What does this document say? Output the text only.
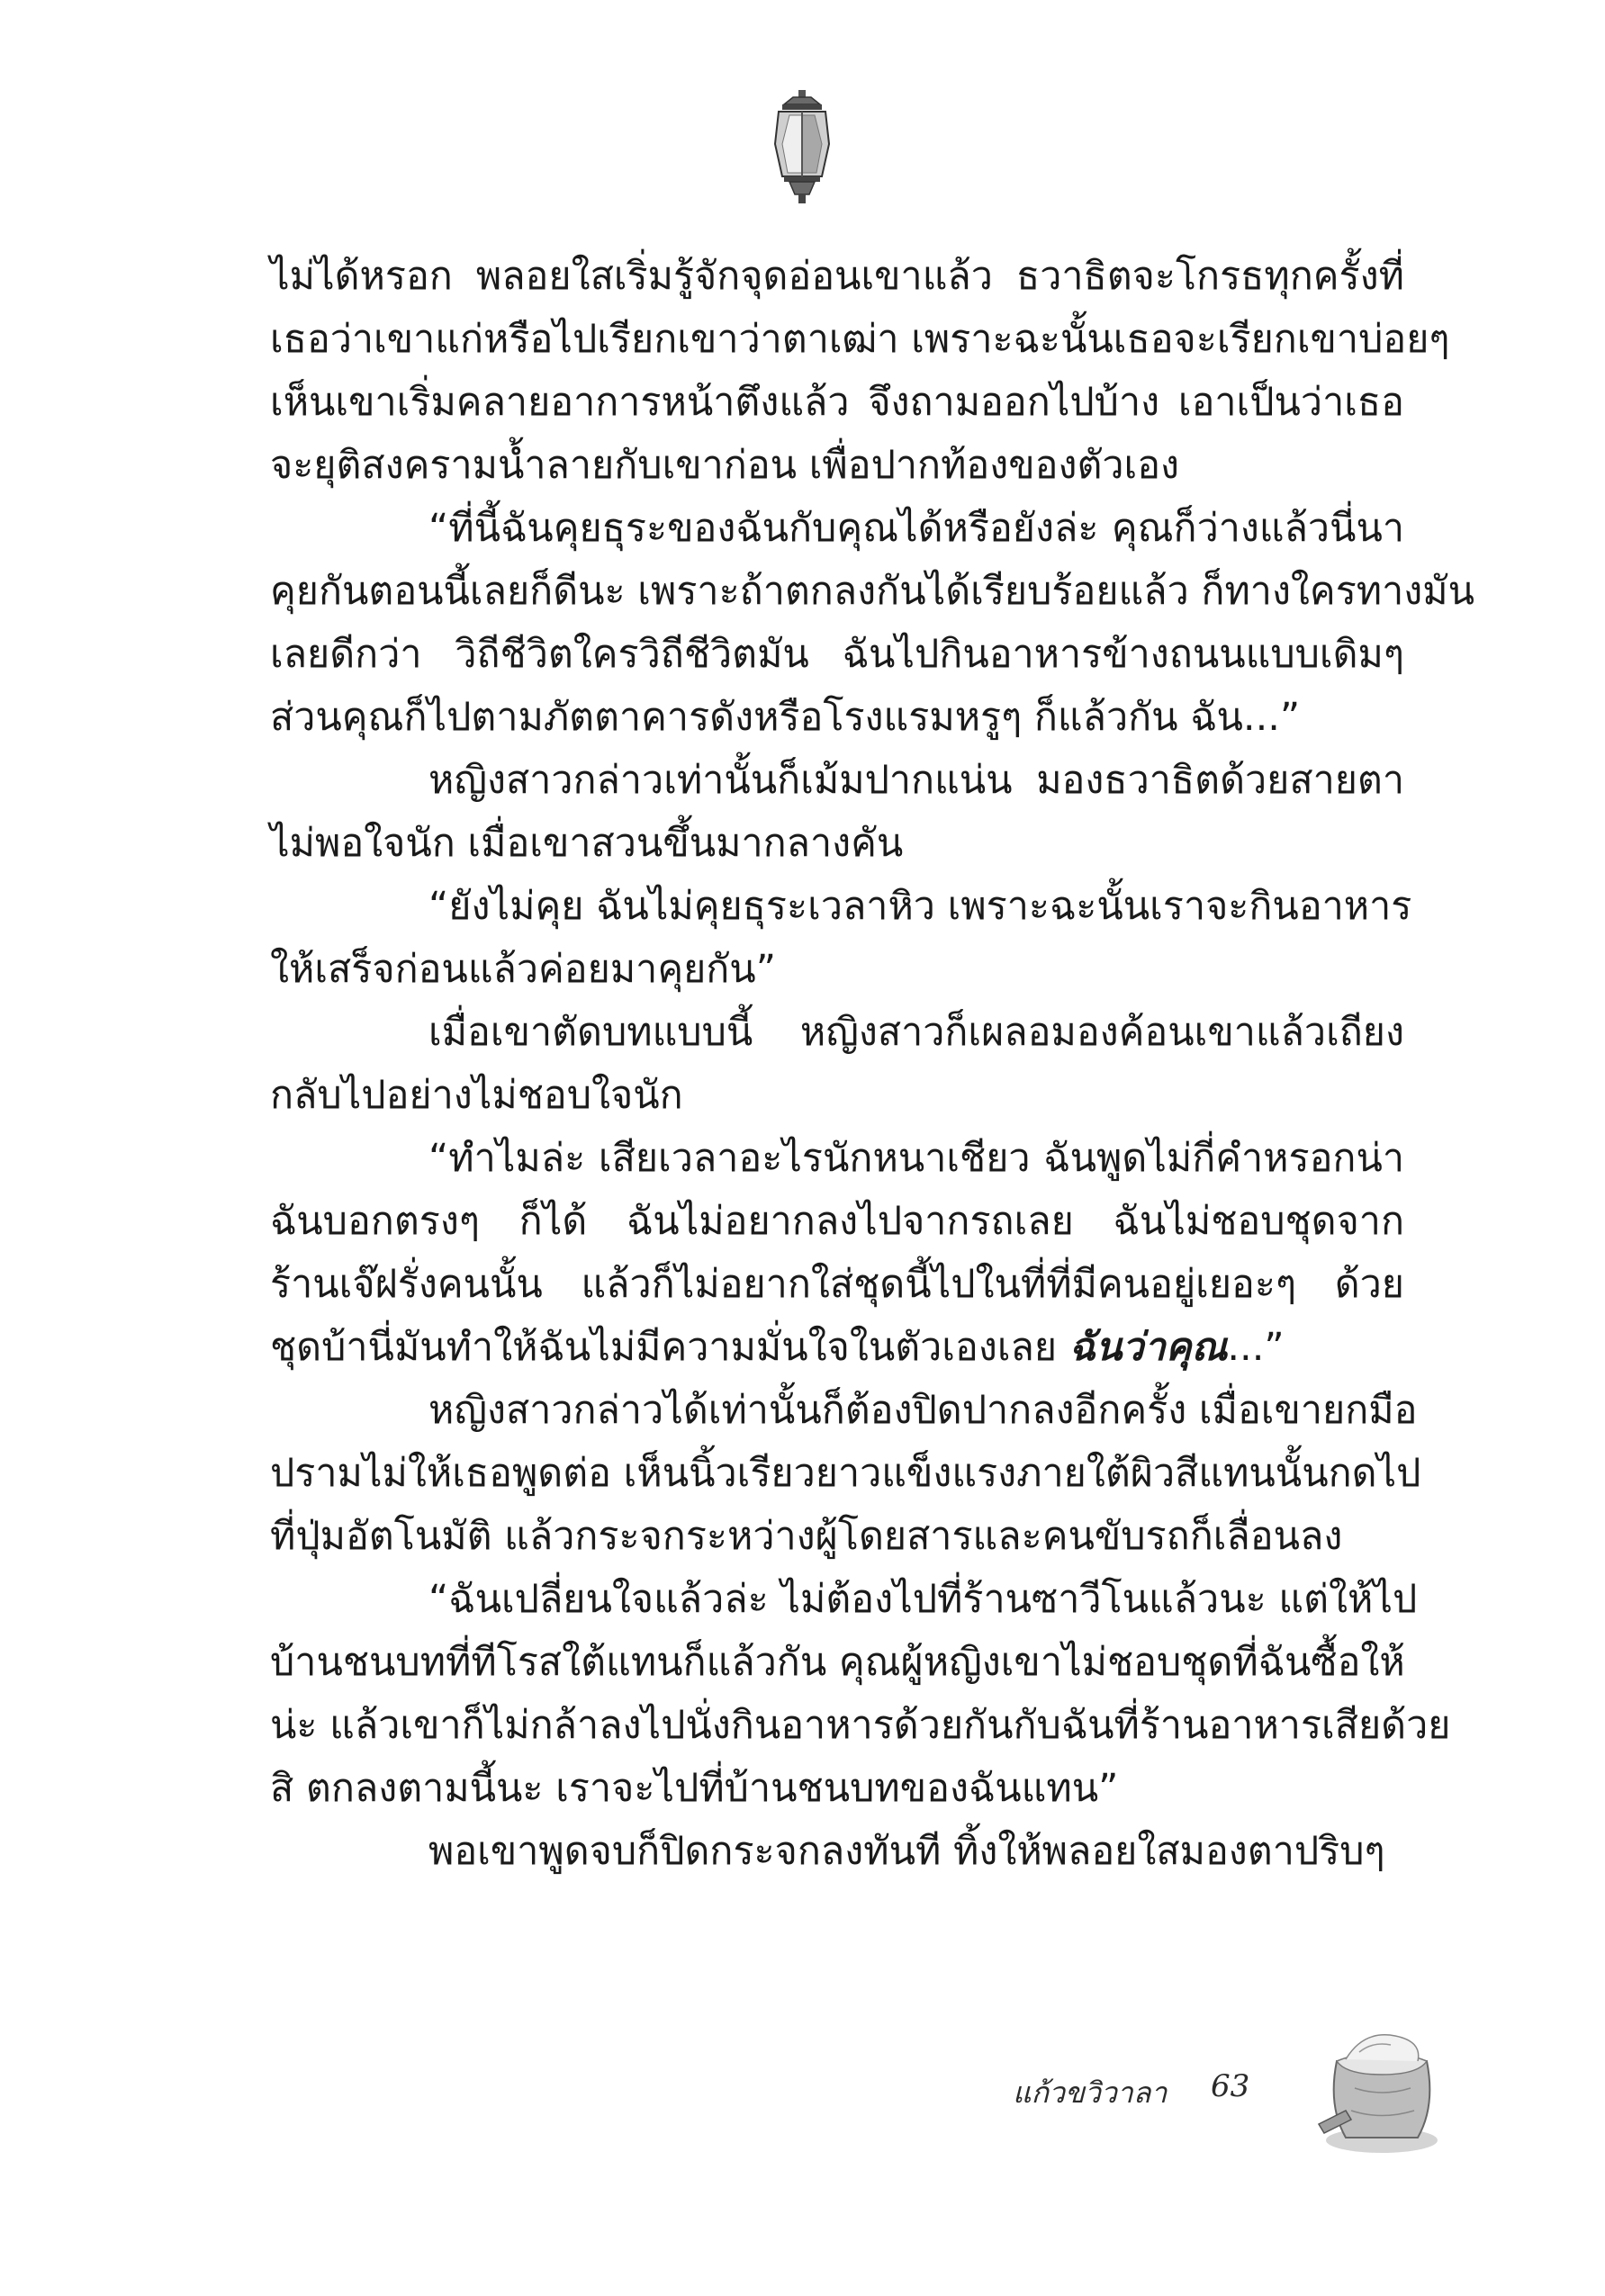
ไม่ได้หรอก พลอยใสเริ่มรู้จักจุดอ่อนเขาแล้ว ธวาธิตจะโกรธทุกครั้งที่
เธอว่าเขาแก่หรือไปเรียกเขาว่าตาเฒ่า เพราะฉะนั้นเธอจะเรียกเขาบ่อยๆ
เห็นเขาเริ่มคลายอาการหน้าตึงแล้ว จึงถามออกไปบ้าง เอาเป็นว่าเธอ
จะยุติสงครามน้ำลายกับเขาก่อน เพื่อปากท้องของตัวเอง
“ที่นี้ฉันคุยธุระของฉันกับคุณได้หรือยังล่ะ คุณก็ว่างแล้วนี่นา
คุยกันตอนนี้เลยก็ดีนะ เพราะถ้าตกลงกันได้เรียบร้อยแล้ว ก็ทางใครทางมัน
เลยดีกว่า วิถีชีวิตใครวิถีชีวิตมัน ฉันไปกินอาหารข้างถนนแบบเดิมๆ
ส่วนคุณก็ไปตามภัตตาคารดังหรือโรงแรมหรูๆ ก็แล้วกัน ฉัน...”
หญิงสาวกล่าวเท่านั้นก็เม้มปากแน่น มองธวาธิตด้วยสายตา
ไม่พอใจนัก เมื่อเขาสวนขึ้นมากลางคัน
“ยังไม่คุย ฉันไม่คุยธุระเวลาหิว เพราะฉะนั้นเราจะกินอาหาร
ให้เสร็จก่อนแล้วค่อยมาคุยกัน”
เมื่อเขาตัดบทแบบนี้ หญิงสาวก็เผลอมองค้อนเขาแล้วเถียง
กลับไปอย่างไม่ชอบใจนัก
“ทำไมล่ะ เสียเวลาอะไรนักหนาเชียว ฉันพูดไม่กี่คำหรอกน่า
ฉันบอกตรงๆ ก็ได้ ฉันไม่อยากลงไปจากรถเลย ฉันไม่ชอบชุดจาก
ร้านเจ๊ฝรั่งคนนั้น แล้วก็ไม่อยากใส่ชุดนี้ไปในที่ที่มีคนอยู่เยอะๆ ด้วย
ชุดบ้านี่มันทำให้ฉันไม่มีความมั่นใจในตัวเองเลย ฉันว่าคุณ...”
หญิงสาวกล่าวได้เท่านั้นก็ต้องปิดปากลงอีกครั้ง เมื่อเขายกมือ
ปรามไม่ให้เธอพูดต่อ เห็นนิ้วเรียวยาวแข็งแรงภายใต้ผิวสีแทนนั้นกดไป
ที่ปุ่มอัตโนมัติ แล้วกระจกระหว่างผู้โดยสารและคนขับรถก็เลื่อนลง
“ฉันเปลี่ยนใจแล้วล่ะ ไม่ต้องไปที่ร้านซาวีโนแล้วนะ แต่ให้ไป
บ้านชนบทที่ทีโรสใต้แทนก็แล้วกัน คุณผู้หญิงเขาไม่ชอบชุดที่ฉันซื้อให้
น่ะ แล้วเขาก็ไม่กล้าลงไปนั่งกินอาหารด้วยกันกับฉันที่ร้านอาหารเสียด้วย
สิ ตกลงตามนี้นะ เราจะไปที่บ้านชนบทของฉันแทน”
พอเขาพูดจบก็ปิดกระจกลงทันที ทิ้งให้พลอยใสมองตาปริบๆ
แก้วขวิวาลา 63
